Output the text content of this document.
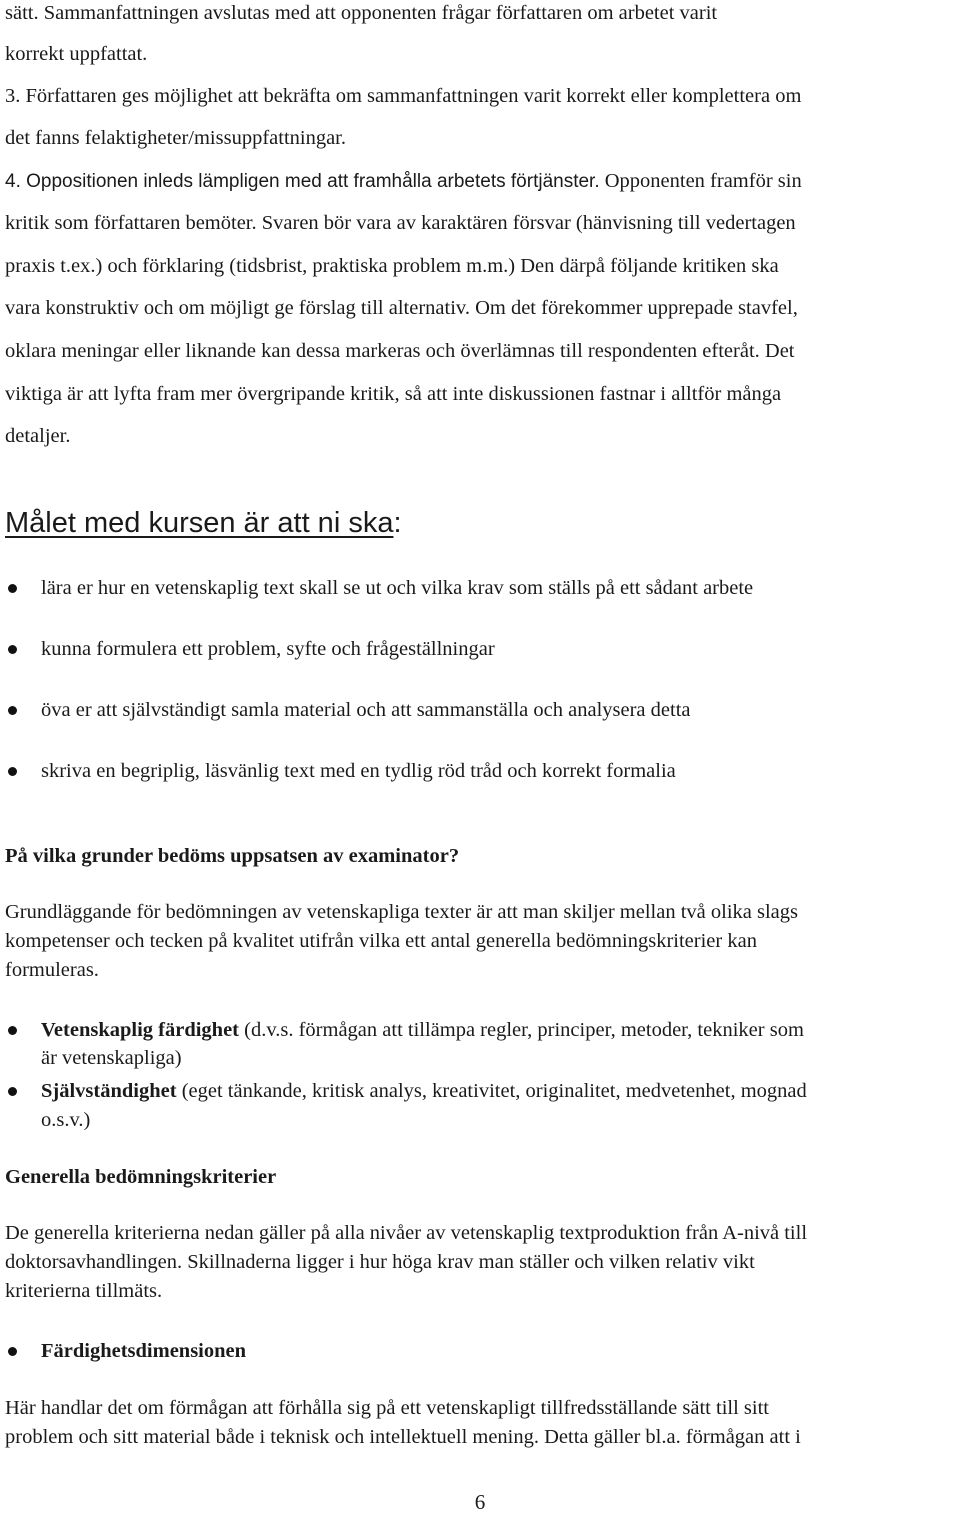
sätt. Sammanfattningen avslutas med att opponenten frågar författaren om arbetet varit
korrekt uppfattat.
3. Författaren ges möjlighet att bekräfta om sammanfattningen varit korrekt eller komplettera om
det fanns felaktigheter/missuppfattningar.
4. Oppositionen inleds lämpligen med att framhålla arbetets förtjänster. Opponenten framför sin
kritik som författaren bemöter. Svaren bör vara av karaktären försvar (hänvisning till vedertagen
praxis t.ex.) och förklaring (tidsbrist, praktiska problem m.m.) Den därpå följande kritiken ska
vara konstruktiv och om möjligt ge förslag till alternativ. Om det förekommer upprepade stavfel,
oklara meningar eller liknande kan dessa markeras och överlämnas till respondenten efteråt. Det
viktiga är att lyfta fram mer övergripande kritik, så att inte diskussionen fastnar i alltför många
detaljer.
Målet med kursen är att ni ska:
lära er hur en vetenskaplig text skall se ut och vilka krav som ställs på ett sådant arbete
kunna formulera ett problem, syfte och frågeställningar
öva er att självständigt samla material och att sammanställa och analysera detta
skriva en begriplig, läsvänlig text med en tydlig röd tråd och korrekt formalia
På vilka grunder bedöms uppsatsen av examinator?
Grundläggande för bedömningen av vetenskapliga texter är att man skiljer mellan två olika slags
kompetenser och tecken på kvalitet utifrån vilka ett antal generella bedömningskriterier kan
formuleras.
Vetenskaplig färdighet (d.v.s. förmågan att tillämpa regler, principer, metoder, tekniker som
är vetenskapliga)
Självständighet (eget tänkande, kritisk analys, kreativitet, originalitet, medvetenhet, mognad
o.s.v.)
Generella bedömningskriterier
De generella kriterierna nedan gäller på alla nivåer av vetenskaplig textproduktion från A-nivå till
doktorsavhandlingen. Skillnaderna ligger i hur höga krav man ställer och vilken relativ vikt
kriterierna tillmäts.
Färdighetsdimensionen
Här handlar det om förmågan att förhålla sig på ett vetenskapligt tillfredsställande sätt till sitt
problem och sitt material både i teknisk och intellektuell mening. Detta gäller bl.a. förmågan att i
6
